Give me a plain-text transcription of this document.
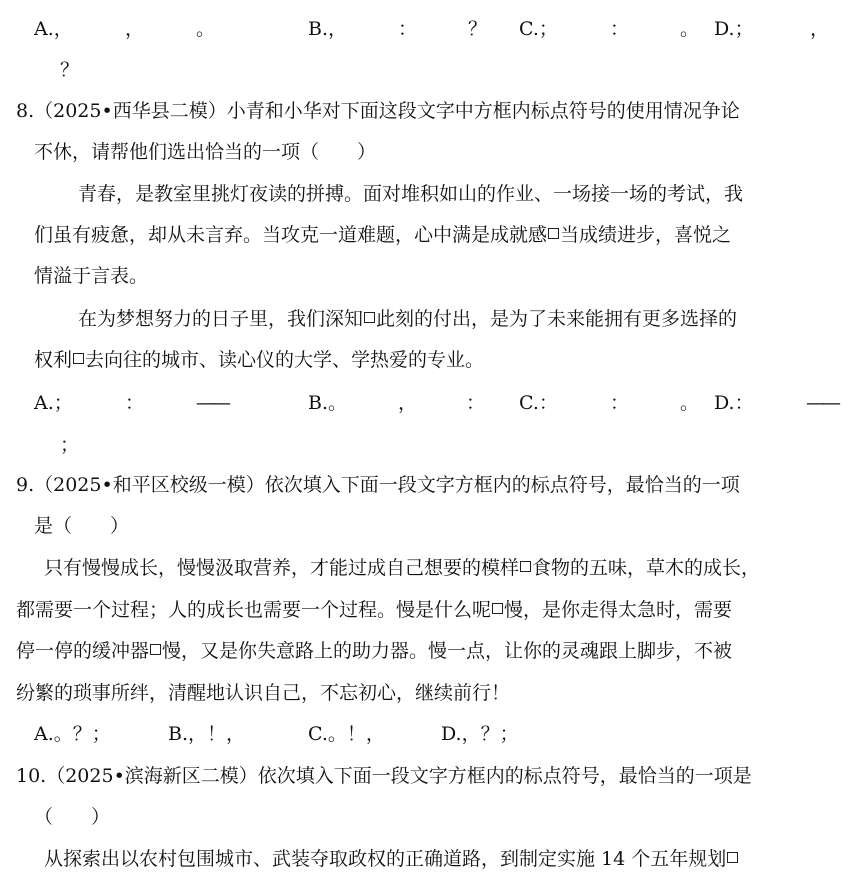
A.，	，	。	B.，	：	？ C.；	：	。 D.；	，
？
8.（2025•西华县二模）小青和小华对下面这段文字中方框内标点符号的使用情况争论
不休，请帮他们选出恰当的一项（　　）
青春，是教室里挑灯夜读的拼搏。面对堆积如山的作业、一场接一场的考试，我
们虽有疲惫，却从未言弃。当攻克一道难题，心中满是成就感 当成绩进步，喜悦之
情溢于言表。
在为梦想努力的日子里，我们深知 此刻的付出，是为了未来能拥有更多选择的
权利 去向往的城市、读心仪的大学、学热爱的专业。
A.；	：	——	B.。	，	： C.：	：	。 D.：	——
；
9.（2025•和平区校级一模）依次填入下面一段文字方框内的标点符号，最恰当的一项
是（　　）
只有慢慢成长，慢慢汲取营养，才能过成自己想要的模样 食物的五味，草木的成长，
都需要一个过程；人的成长也需要一个过程。慢是什么呢 慢，是你走得太急时，需要
停一停的缓冲器 慢，又是你失意路上的助力器。慢一点，让你的灵魂跟上脚步，不被
纷繁的琐事所绊，清醒地认识自己，不忘初心，继续前行！
A.。？；	B.，！，	C.。！，	D.，？；
10.（2025•滨海新区二模）依次填入下面一段文字方框内的标点符号，最恰当的一项是
（　　）
从探索出以农村包围城市、武装夺取政权的正确道路，到制定实施 14 个五年规划
